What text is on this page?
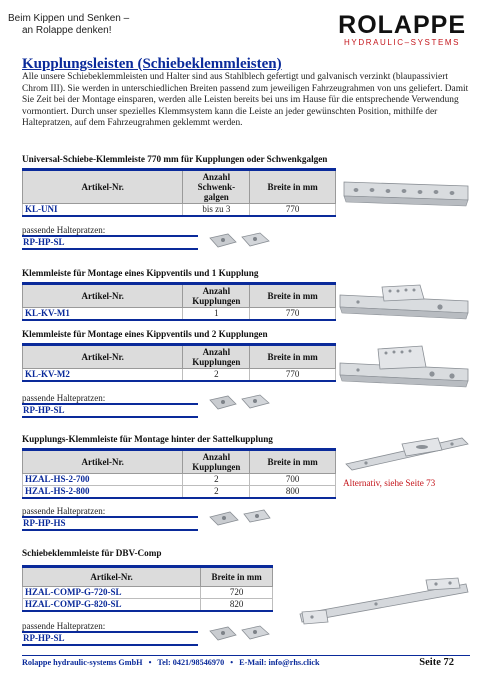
Beim Kippen und Senken –
an Rolappe denken!	ROLAPPE
HYDRAULIC–SYSTEMS
Kupplungsleisten (Schiebeklemmleisten)
Alle unsere Schiebeklemmleisten und Halter sind aus Stahlblech gefertigt und galvanisch verzinkt (blaupassiviert Chrom III). Sie werden in unterschiedlichen Breiten passend zum jeweiligen Fahrzeugrahmen von uns geliefert. Damit Sie Zeit bei der Montage einsparen, werden alle Leisten bereits bei uns im Hause für die entsprechende Verwendung vormontiert. Durch unser spezielles Klemmsystem kann die Leiste an jeder gewünschten Position, mithilfe der Haltepratzen, auf dem Fahrzeugrahmen geklemmt werden.
Universal-Schiebe-Klemmleiste 770 mm für Kupplungen oder Schwenkgalgen
Artikel-Nr.	Anzahl Schwenk-galgen	Breite in mm
KL-UNI	bis zu 3	770
passende Haltepratzen:
RP-HP-SL
Klemmleiste für Montage eines Kippventils und 1 Kupplung
Artikel-Nr.	Anzahl Kupplungen	Breite in mm
KL-KV-M1	1	770
Klemmleiste für Montage eines Kippventils und 2 Kupplungen
Artikel-Nr.	Anzahl Kupplungen	Breite in mm
KL-KV-M2	2	770
passende Haltepratzen:
RP-HP-SL
Kupplungs-Klemmleiste für Montage hinter der Sattelkupplung
Artikel-Nr.	Anzahl Kupplungen	Breite in mm
HZAL-HS-2-700	2	700
HZAL-HS-2-800	2	800
passende Haltepratzen:
RP-HP-HS
Alternativ, siehe Seite 73
Schiebeklemmleiste für DBV-Comp
Artikel-Nr.	Breite in mm
HZAL-COMP-G-720-SL	720
HZAL-COMP-G-820-SL	820
passende Haltepratzen:
RP-HP-SL
Rolappe hydraulic-systems GmbH • Tel: 0421/98546970 • E-Mail: info@rhs.click	Seite 72
